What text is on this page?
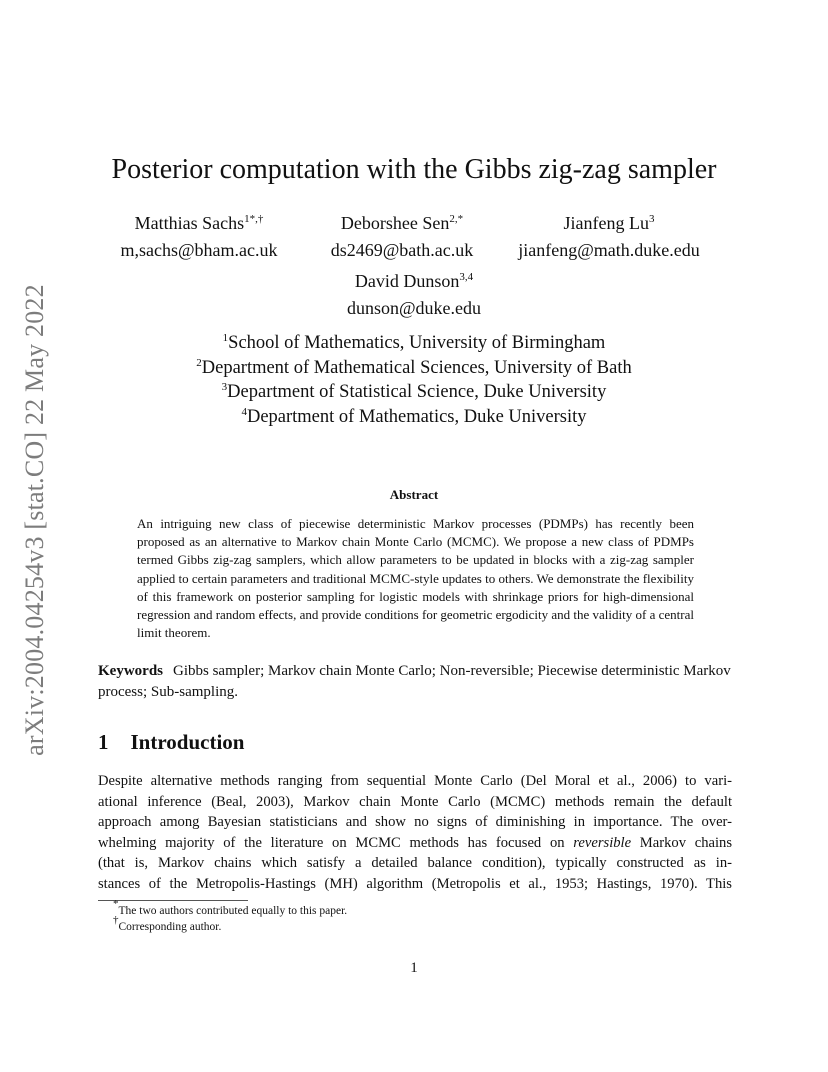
arXiv:2004.04254v3 [stat.CO] 22 May 2022
Posterior computation with the Gibbs zig-zag sampler
Matthias Sachs$^{1*,\dagger}$
m,sachs@bham.ac.uk
Deborshee Sen$^{2,*}$
ds2469@bath.ac.uk
Jianfeng Lu$^3$
jianfeng@math.duke.edu
David Dunson$^{3,4}$
dunson@duke.edu
$^1$School of Mathematics, University of Birmingham
$^2$Department of Mathematical Sciences, University of Bath
$^3$Department of Statistical Science, Duke University
$^4$Department of Mathematics, Duke University
Abstract
An intriguing new class of piecewise deterministic Markov processes (PDMPs) has recently been proposed as an alternative to Markov chain Monte Carlo (MCMC). We propose a new class of PDMPs termed Gibbs zig-zag samplers, which allow parameters to be updated in blocks with a zig-zag sampler applied to certain parameters and traditional MCMC-style updates to others. We demonstrate the flexibility of this framework on posterior sampling for logistic models with shrinkage priors for high-dimensional regression and random effects, and provide conditions for geometric ergodicity and the validity of a central limit theorem.
Keywords Gibbs sampler; Markov chain Monte Carlo; Non-reversible; Piecewise deterministic Markov process; Sub-sampling.
1 Introduction
Despite alternative methods ranging from sequential Monte Carlo (Del Moral et al., 2006) to vari-
ational inference (Beal, 2003), Markov chain Monte Carlo (MCMC) methods remain the default
approach among Bayesian statisticians and show no signs of diminishing in importance. The over-
whelming majority of the literature on MCMC methods has focused on reversible Markov chains
(that is, Markov chains which satisfy a detailed balance condition), typically constructed as in-
stances of the Metropolis-Hastings (MH) algorithm (Metropolis et al., 1953; Hastings, 1970). This
*The two authors contributed equally to this paper.
†Corresponding author.
1
